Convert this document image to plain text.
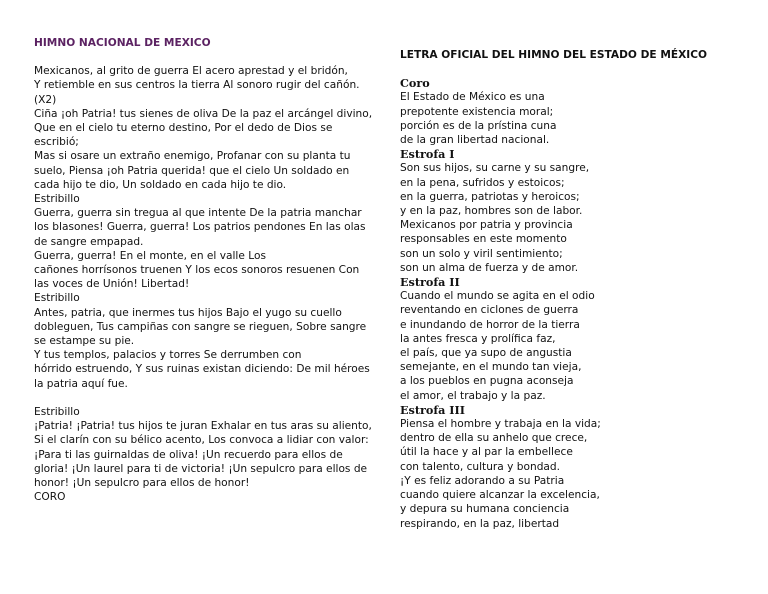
HIMNO NACIONAL DE MEXICO
Mexicanos, al grito de guerra El acero aprestad y el bridón,
Y retiemble en sus centros la tierra Al sonoro rugir del cañón.
(X2)
Ciña ¡oh Patria! tus sienes de oliva De la paz el arcángel divino,
Que en el cielo tu eterno destino, Por el dedo de Dios se
escribió;
Mas si osare un extraño enemigo, Profanar con su planta tu
suelo, Piensa ¡oh Patria querida! que el cielo Un soldado en
cada hijo te dio, Un soldado en cada hijo te dio.
Estribillo
Guerra, guerra sin tregua al que intente De la patria manchar
los blasones! Guerra, guerra! Los patrios pendones En las olas
de sangre empapad.
Guerra, guerra! En el monte, en el valle Los
cañones horrísonos truenen Y los ecos sonoros resuenen Con
las voces de Unión! Libertad!
Estribillo
Antes, patria, que inermes tus hijos Bajo el yugo su cuello
dobleguen, Tus campiñas con sangre se rieguen, Sobre sangre
se estampe su pie.
Y tus templos, palacios y torres Se derrumben con
hórrido estruendo, Y sus ruinas existan diciendo: De mil héroes
la patria aquí fue.
Estribillo
¡Patria! ¡Patria! tus hijos te juran Exhalar en tus aras su aliento,
Si el clarín con su bélico acento, Los convoca a lidiar con valor:
¡Para ti las guirnaldas de oliva! ¡Un recuerdo para ellos de
gloria! ¡Un laurel para ti de victoria! ¡Un sepulcro para ellos de
honor! ¡Un sepulcro para ellos de honor!
CORO
LETRA OFICIAL DEL HIMNO DEL ESTADO DE MÉXICO
Coro
El Estado de México es una
prepotente existencia moral;
porción es de la prístina cuna
de la gran libertad nacional.
Estrofa I
Son sus hijos, su carne y su sangre,
en la pena, sufridos y estoicos;
en la guerra, patriotas y heroicos;
y en la paz, hombres son de labor.
Mexicanos por patria y provincia
responsables en este momento
son un solo y viril sentimiento;
son un alma de fuerza y de amor.
Estrofa II
Cuando el mundo se agita en el odio
reventando en ciclones de guerra
e inundando de horror de la tierra
la antes fresca y prolífica faz,
el país, que ya supo de angustia
semejante, en el mundo tan vieja,
a los pueblos en pugna aconseja
el amor, el trabajo y la paz.
Estrofa III
Piensa el hombre y trabaja en la vida;
dentro de ella su anhelo que crece,
útil la hace y al par la embellece
con talento, cultura y bondad.
¡Y es feliz adorando a su Patria
cuando quiere alcanzar la excelencia,
y depura su humana conciencia
respirando, en la paz, libertad
